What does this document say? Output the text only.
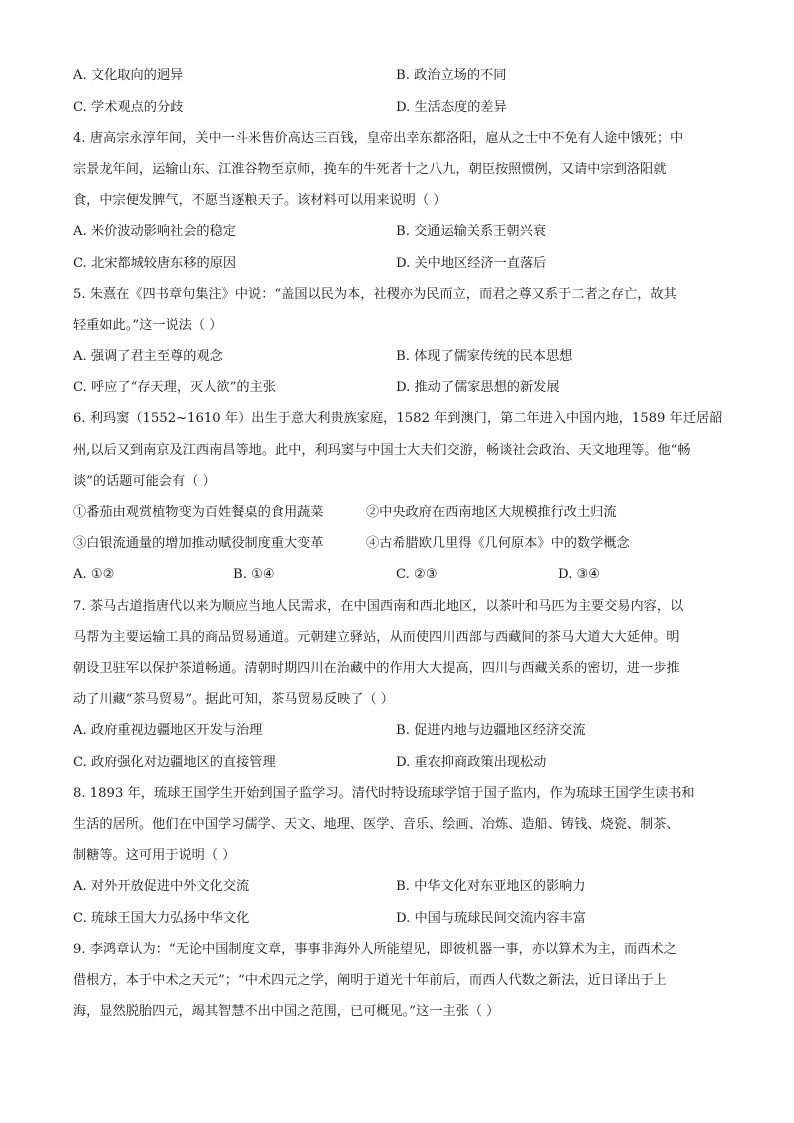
A. 文化取向的迥异	B. 政治立场的不同
C. 学术观点的分歧	D. 生活态度的差异
4. 唐高宗永淳年间，关中一斗米售价高达三百钱，皇帝出幸东都洛阳，扈从之士中不免有人途中饿死；中
宗景龙年间，运输山东、江淮谷物至京师，挽车的牛死者十之八九，朝臣按照惯例，又请中宗到洛阳就
食，中宗便发脾气，不愿当逐粮天子。该材料可以用来说明（ ）
A. 米价波动影响社会的稳定	B. 交通运输关系王朝兴衰
C. 北宋都城较唐东移的原因	D. 关中地区经济一直落后
5. 朱熹在《四书章句集注》中说：“盖国以民为本，社稷亦为民而立，而君之尊又系于二者之存亡，故其
轻重如此。”这一说法（ ）
A. 强调了君主至尊的观念	B. 体现了儒家传统的民本思想
C. 呼应了“存天理，灭人欲”的主张	D. 推动了儒家思想的新发展
6. 利玛窦（1552~1610 年）出生于意大利贵族家庭，1582 年到澳门，第二年进入中国内地，1589 年迁居韶
州,以后又到南京及江西南昌等地。此中，利玛窦与中国士大夫们交游，畅谈社会政治、天文地理等。他“畅
谈”的话题可能会有（ ）
①番茄由观赏植物变为百姓餐桌的食用蔬菜	②中央政府在西南地区大规模推行改土归流
③白银流通量的增加推动赋役制度重大变革	④古希腊欧几里得《几何原本》中的数学概念
A. ①②	B. ①④	C. ②③	D. ③④
7. 茶马古道指唐代以来为顺应当地人民需求，在中国西南和西北地区，以茶叶和马匹为主要交易内容，以
马帮为主要运输工具的商品贸易通道。元朝建立驿站，从而使四川西部与西藏间的茶马大道大大延伸。明
朝设卫驻军以保护茶道畅通。清朝时期四川在治藏中的作用大大提高，四川与西藏关系的密切，进一步推
动了川藏“茶马贸易”。据此可知，茶马贸易反映了（ ）
A. 政府重视边疆地区开发与治理	B. 促进内地与边疆地区经济交流
C. 政府强化对边疆地区的直接管理	D. 重农抑商政策出现松动
8. 1893 年，琉球王国学生开始到国子监学习。清代时特设琉球学馆于国子监内，作为琉球王国学生读书和
生活的居所。他们在中国学习儒学、天文、地理、医学、音乐、绘画、冶炼、造船、铸钱、烧瓷、制茶、
制糖等。这可用于说明（ ）
A. 对外开放促进中外文化交流	B. 中华文化对东亚地区的影响力
C. 琉球王国大力弘扬中华文化	D. 中国与琉球民间交流内容丰富
9. 李鸿章认为：“无论中国制度文章，事事非海外人所能望见，即彼机器一事，亦以算术为主，而西术之
借根方，本于中术之天元”；“中术四元之学，阐明于道光十年前后，而西人代数之新法，近日译出于上
海，显然脱胎四元，竭其智慧不出中国之范围，已可概见。”这一主张（ ）
